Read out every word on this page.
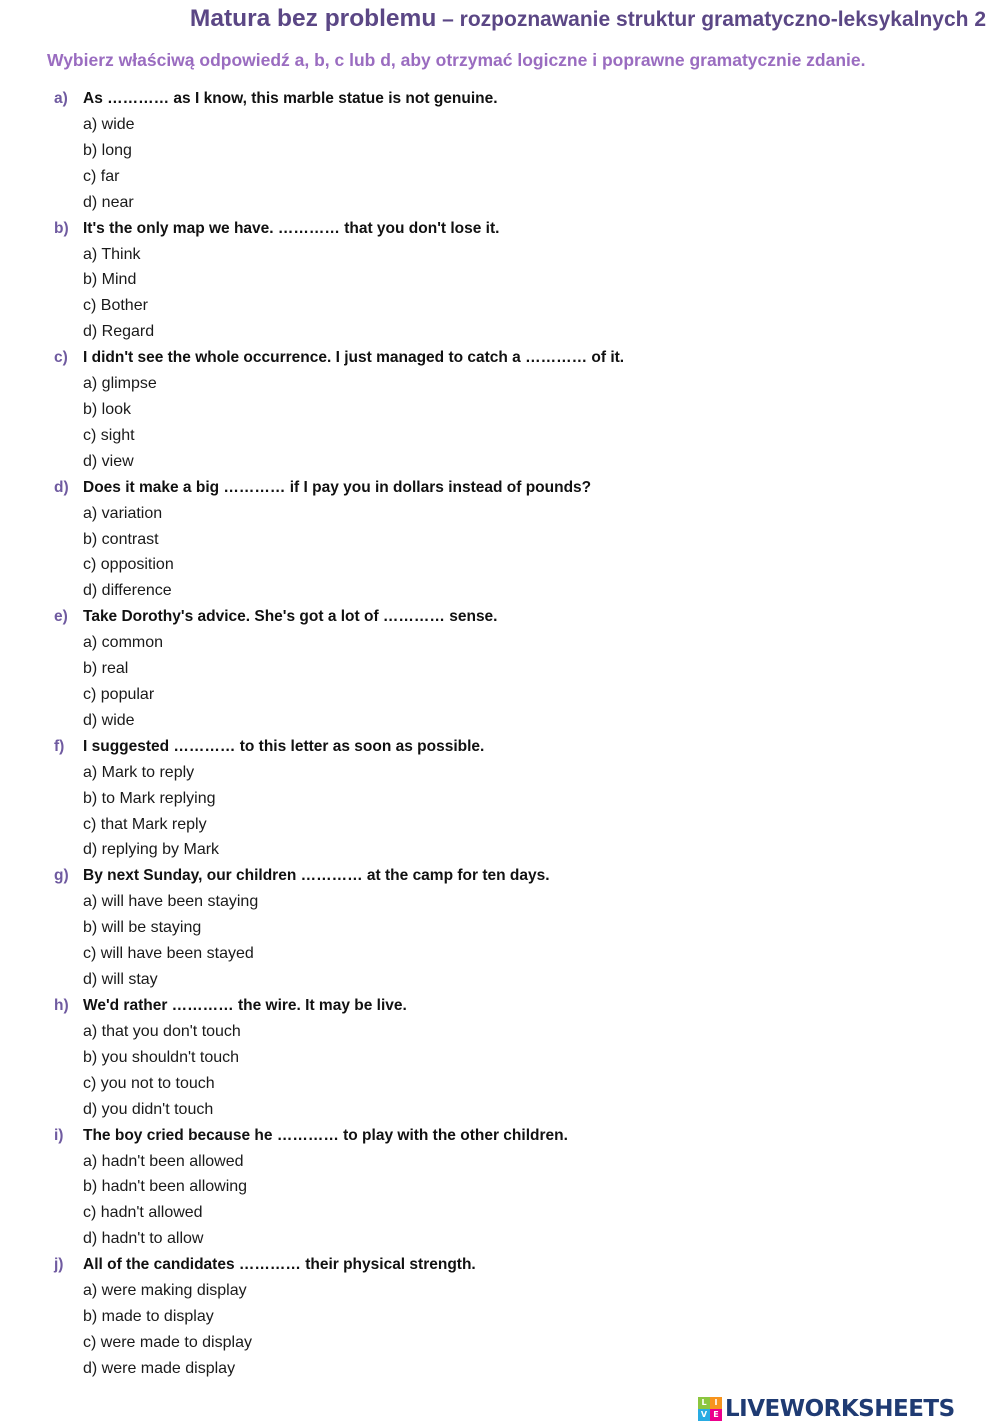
Matura bez problemu – rozpoznawanie struktur gramatyczno-leksykalnych 2
Wybierz właściwą odpowiedź a, b, c lub d, aby otrzymać logiczne i poprawne gramatycznie zdanie.
a) As ………… as I know, this marble statue is not genuine.
a) wide
b) long
c) far
d) near
b) It's the only map we have. ………… that you don't lose it.
a) Think
b) Mind
c) Bother
d) Regard
c) I didn't see the whole occurrence. I just managed to catch a ………… of it.
a) glimpse
b) look
c) sight
d) view
d) Does it make a big ………… if I pay you in dollars instead of pounds?
a) variation
b) contrast
c) opposition
d) difference
e) Take Dorothy's advice. She's got a lot of ………… sense.
a) common
b) real
c) popular
d) wide
f) I suggested ………… to this letter as soon as possible.
a) Mark to reply
b) to Mark replying
c) that Mark reply
d) replying by Mark
g) By next Sunday, our children ………… at the camp for ten days.
a) will have been staying
b) will be staying
c) will have been stayed
d) will stay
h) We'd rather ………… the wire. It may be live.
a) that you don't touch
b) you shouldn't touch
c) you not to touch
d) you didn't touch
i) The boy cried because he ………… to play with the other children.
a) hadn't been allowed
b) hadn't been allowing
c) hadn't allowed
d) hadn't to allow
j) All of the candidates ………… their physical strength.
a) were making display
b) made to display
c) were made to display
d) were made display
L I
V E LIVEWORKSHEETS
